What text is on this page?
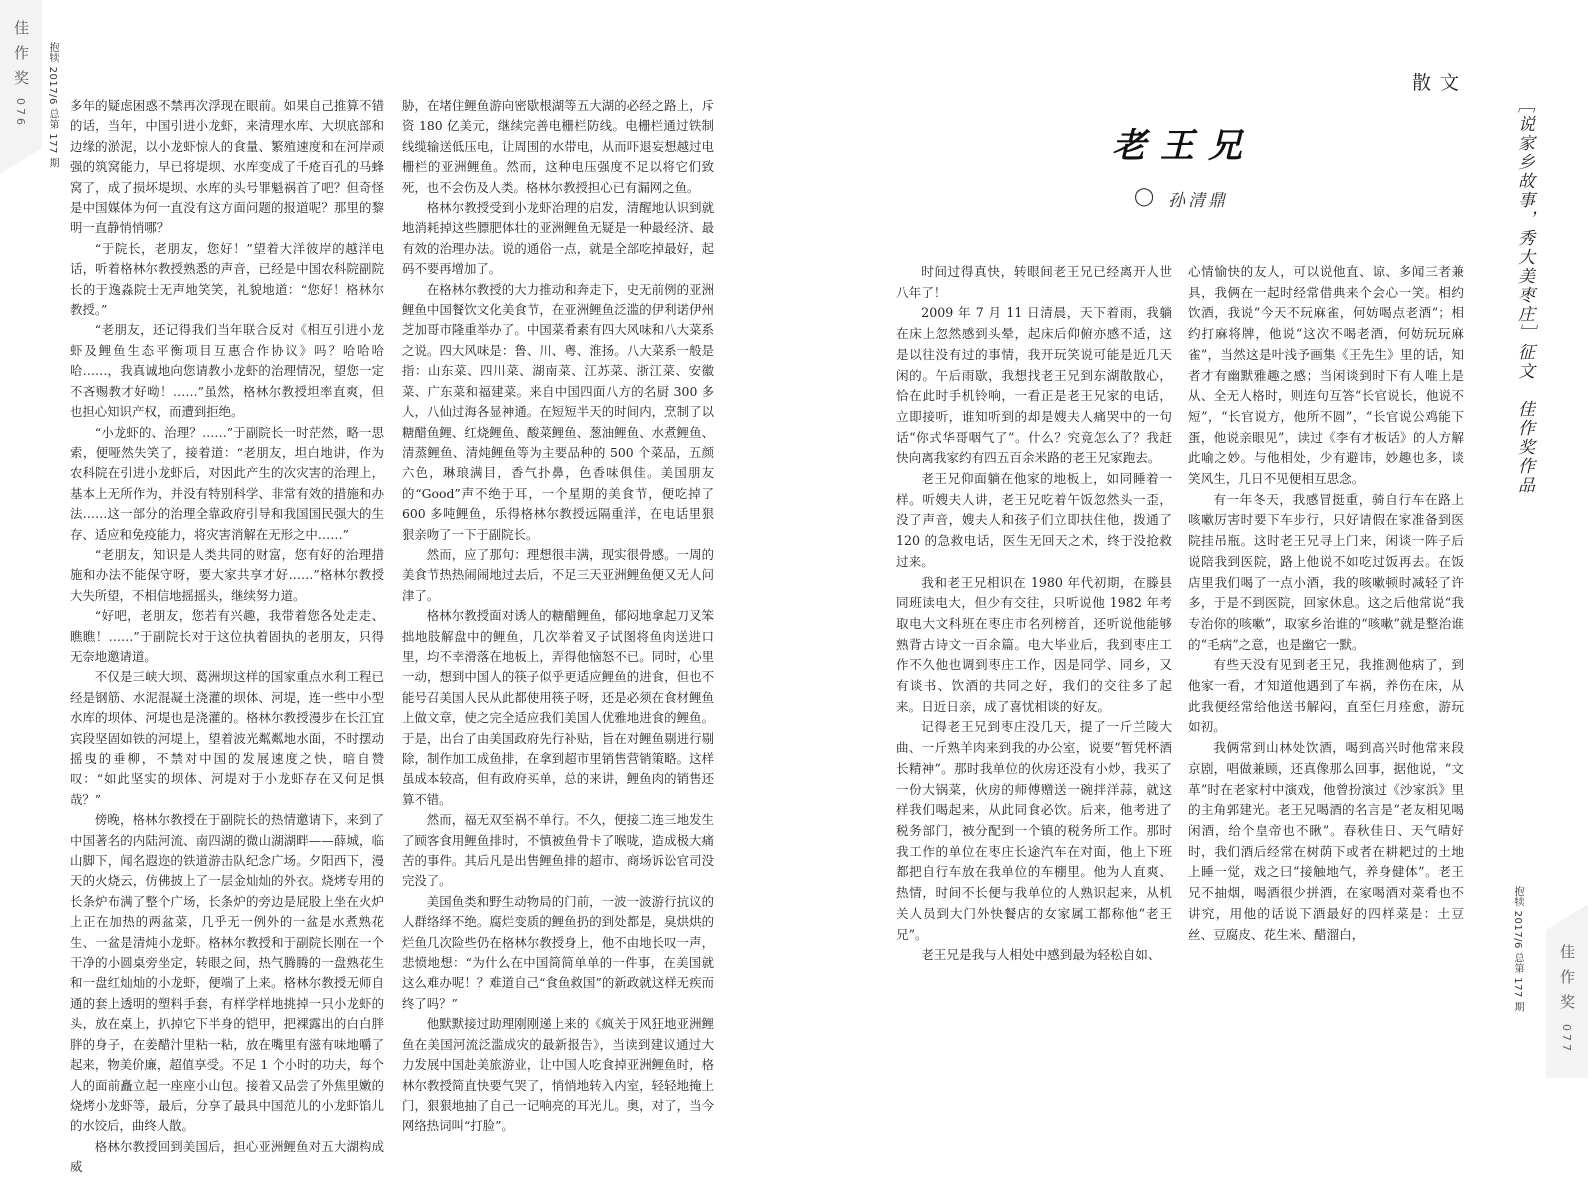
佳作奖
076 抱犊 2017/6 总第 177 期 多年的疑虑困惑不禁再次浮现在眼前。如果自己推算不错的话，当年，中国引进小龙虾，来清理水库、大坝底部和边缘的淤泥，以小龙虾惊人的食量、繁殖速度和在河岸顽强的筑窝能力，早已将堤坝、水库变成了千疮百孔的马蜂窝了，成了损坏堤坝、水库的头号罪魁祸首了吧？但奇怪是中国媒体为何一直没有这方面问题的报道呢？那里的黎明一直静悄悄哪？

“于院长，老朋友，您好！”望着大洋彼岸的越洋电话，听着格林尔教授熟悉的声音，已经是中国农科院副院长的于逸淼院士无声地笑笑，礼貌地道：“您好！格林尔教授。”

“老朋友，还记得我们当年联合反对《相互引进小龙虾及鲤鱼生态平衡项目互惠合作协议》吗？哈哈哈哈……，我真诚地向您请教小龙虾的治理情况，望您一定不吝赐教才好呦！……”虽然，格林尔教授坦率直爽，但也担心知识产权，而遭到拒绝。

“小龙虾的、治理？……”于副院长一时茫然，略一思索，便哑然失笑了，接着道：“老朋友，坦白地讲，作为农科院在引进小龙虾后，对因此产生的次灾害的治理上，基本上无所作为，并没有特别科学、非常有效的措施和办法……这一部分的治理全靠政府引导和我国国民强大的生存、适应和免疫能力，将灾害消解在无形之中……”

“老朋友，知识是人类共同的财富，您有好的治理措施和办法不能保守呀，要大家共享才好……”格林尔教授大失所望，不相信地摇摇头，继续努力道。

“好吧，老朋友，您若有兴趣，我带着您各处走走、瞧瞧！……”于副院长对于这位执着固执的老朋友，只得无奈地邀请道。

不仅是三峡大坝、葛洲坝这样的国家重点水利工程已经是钢筋、水泥混凝土浇灌的坝体、河堤，连一些中小型水库的坝体、河堤也是浇灌的。格林尔教授漫步在长江宜宾段坚固如铁的河堤上，望着波光粼粼地水面，不时摆动摇曳的垂柳，不禁对中国的发展速度之快，暗自赞叹：“如此坚实的坝体、河堤对于小龙虾存在又何足惧哉？”

傍晚，格林尔教授在于副院长的热情邀请下，来到了中国著名的内陆河流、南四湖的微山湖湖畔——薛城，临山脚下，闻名遐迩的铁道游击队纪念广场。夕阳西下，漫天的火烧云，仿佛披上了一层金灿灿的外衣。烧烤专用的长条炉布满了整个广场，长条炉的旁边是屁股上坐在火炉上正在加热的两盆菜，几乎无一例外的一盆是水煮熟花生、一盆是清炖小龙虾。格林尔教授和于副院长刚在一个干净的小圆桌旁坐定，转眼之间，热气腾腾的一盘熟花生和一盘红灿灿的小龙虾，便端了上来。格林尔教授无师自通的套上透明的塑料手套，有样学样地挑掉一只小龙虾的头，放在桌上，扒掉它下半身的铠甲，把裸露出的白白胖胖的身子，在姜醋汁里粘一粘，放在嘴里有滋有味地嚼了起来，物美价廉，超值享受。不足 1 个小时的功夫，每个人的面前矗立起一座座小山包。接着又品尝了外焦里嫩的烧烤小龙虾等，最后，分享了最具中国范儿的小龙虾馅儿的水饺后，曲终人散。

格林尔教授回到美国后，担心亚洲鲤鱼对五大湖构成威

胁，在堵住鲤鱼游向密歇根湖等五大湖的必经之路上，斥资 180 亿美元，继续完善电栅栏防线。电栅栏通过铁制线缆输送低压电，让周围的水带电，从而吓退妄想越过电栅栏的亚洲鲤鱼。然而，这种电压强度不足以将它们致死，也不会伤及人类。格林尔教授担心已有漏网之鱼。

格林尔教授受到小龙虾治理的启发，清醒地认识到就地消耗掉这些膘肥体壮的亚洲鲤鱼无疑是一种最经济、最有效的治理办法。说的通俗一点，就是全部吃掉最好，起码不要再增加了。

在格林尔教授的大力推动和奔走下，史无前例的亚洲鲤鱼中国餐饮文化美食节，在亚洲鲤鱼泛滥的伊利诺伊州芝加哥市隆重举办了。中国菜肴素有四大风味和八大菜系之说。四大风味是：鲁、川、粤、淮扬。八大菜系一般是指：山东菜、四川菜、湖南菜、江苏菜、浙江菜、安徽菜、广东菜和福建菜。来自中国四面八方的名厨 300 多人，八仙过海各显神通。在短短半天的时间内，烹制了以糖醋鱼鲤、红烧鲤鱼、酸菜鲤鱼、葱油鲤鱼、水煮鲤鱼、清蒸鲤鱼、清炖鲤鱼等为主要品种的 500 个菜品，五颜六色，琳琅满目，香气扑鼻，色香味俱佳。美国朋友的“Good”声不绝于耳，一个星期的美食节，便吃掉了 600 多吨鲤鱼，乐得格林尔教授远隔重洋，在电话里狠狠亲吻了一下于副院长。

然而，应了那句：理想很丰满，现实很骨感。一周的美食节热热闹闹地过去后，不足三天亚洲鲤鱼便又无人问津了。

格林尔教授面对诱人的糖醋鲤鱼，郁闷地拿起刀叉笨拙地肢解盘中的鲤鱼，几次举着叉子试图将鱼肉送进口里，均不幸滑落在地板上，弄得他恼怒不已。同时，心里一动，想到中国人的筷子似乎更适应鲤鱼的进食，但也不能号召美国人民从此都使用筷子呀，还是必须在食材鲤鱼上做文章，使之完全适应我们美国人优雅地进食的鲤鱼。于是，出台了由美国政府先行补贴，旨在对鲤鱼剔进行剔除，制作加工成鱼排，在拿到超市里销售营销策略。这样虽成本较高，但有政府买单，总的来讲，鲤鱼肉的销售还算不错。

然而，福无双至祸不单行。不久，便接二连三地发生了顾客食用鲤鱼排时，不慎被鱼骨卡了喉咙，造成极大痛苦的事件。其后凡是出售鲤鱼排的超市、商场诉讼官司没完没了。

美国鱼类和野生动物局的门前，一波一波游行抗议的人群络绎不绝。腐烂变质的鲤鱼扔的到处都是，臭烘烘的烂鱼几次险些仍在格林尔教授身上，他不由地长叹一声，悲愤地想：“为什么在中国简简单单的一件事，在美国就这么难办呢！？难道自己“食鱼救国”的新政就这样无疾而终了吗？”

他默默接过助理刚刚递上来的《疯关于风狂地亚洲鲤鱼在美国河流泛滥成灾的最新报告》，当读到建议通过大力发展中国赴美旅游业，让中国人吃食掉亚洲鲤鱼时，格林尔教授简直快要气哭了，悄悄地转入内室，轻轻地掩上门，狠狠地抽了自己一记响亮的耳光儿。奥，对了，当今网络热词叫“打脸”。

散文
老王兄
◯ 孙清鼎	［说家乡故事，秀大美枣庄］征文　佳作奖作品

时间过得真快，转眼间老王兄已经离开人世八年了！

2009 年 7 月 11 日清晨，天下着雨，我躺在床上忽然感到头晕，起床后仰俯亦感不适，这是以往没有过的事情，我开玩笑说可能是近几天闲的。午后雨歇，我想找老王兄到东湖散散心，恰在此时手机铃响，一看正是老王兄家的电话，立即接听，谁知听到的却是嫂夫人痛哭中的一句话“你式华哥咽气了”。什么？究竟怎么了？我赶快向离我家约有四五百余米路的老王兄家跑去。

老王兄仰面躺在他家的地板上，如同睡着一样。听嫂夫人讲，老王兄吃着午饭忽然头一歪，没了声音，嫂夫人和孩子们立即扶住他，拨通了 120 的急救电话，医生无回天之术，终于没抢救过来。

我和老王兄相识在 1980 年代初期，在滕县同班读电大，但少有交往，只听说他 1982 年考取电大文科班在枣庄市名列榜首，还听说他能够熟背古诗文一百余篇。电大毕业后，我到枣庄工作不久他也调到枣庄工作，因是同学、同乡，又有谈书、饮酒的共同之好，我们的交往多了起来。日近日亲，成了喜忧相谈的好友。

记得老王兄到枣庄没几天，提了一斤兰陵大曲、一斤熟羊肉来到我的办公室，说要“暂凭杯酒长精神”。那时我单位的伙房还没有小炒，我买了一份大锅菜，伙房的师傅赠送一碗拌洋蒜，就这样我们喝起来，从此同食必饮。后来，他考进了税务部门，被分配到一个镇的税务所工作。那时我工作的单位在枣庄长途汽车在对面，他上下班都把自行车放在我单位的车棚里。他为人直爽、热情，时间不长便与我单位的人熟识起来，从机关人员到大门外快餐店的女家属工都称他“老王兄”。

老王兄是我与人相处中感到最为轻松自如、

心情愉快的友人，可以说他直、谅、多闻三者兼具，我俩在一起时经常借典来个会心一笑。相约饮酒，我说“今天不玩麻雀，何妨喝点老酒”；相约打麻将牌，他说“这次不喝老酒，何妨玩玩麻雀”，当然这是叶浅予画集《王先生》里的话，知者才有幽默雅趣之感；当闲谈到时下有人唯上是从、全无人格时，则连句互答“长官说长，他说不短”，“长官说方，他所不圆”，“长官说公鸡能下蛋，他说亲眼见”，读过《李有才板话》的人方解此喻之妙。与他相处，少有避讳，妙趣也多，谈笑风生，几日不见便相互思念。

有一年冬天，我感冒挺重，骑自行车在路上咳嗽厉害时要下车步行，只好请假在家准备到医院挂吊瓶。这时老王兄寻上门来，闲谈一阵子后说陪我到医院，路上他说不如吃过饭再去。在饭店里我们喝了一点小酒，我的咳嗽顿时减轻了许多，于是不到医院，回家休息。这之后他常说“我专治你的咳嗽”，取家乡治谁的“咳嗽”就是整治谁的“毛病”之意，也是幽它一默。

有些天没有见到老王兄，我推测他病了，到他家一看，才知道他遇到了车祸，养伤在床，从此我便经常给他送书解闷，直至仨月痊愈，游玩如初。

我俩常到山林处饮酒，喝到高兴时他常来段京剧，唱做兼顾，还真像那么回事，据他说，“文革”时在老家村中演戏，他曾扮演过《沙家浜》里的主角郭建光。老王兄喝酒的名言是“老友相见喝闲酒，给个皇帝也不瞅”。春秋佳日、天气晴好时，我们酒后经常在树荫下或者在耕耙过的土地上睡一觉，戏之曰“接触地气，养身健体”。老王兄不抽烟，喝酒很少拼酒，在家喝酒对菜肴也不讲究，用他的话说下酒最好的四样菜是：土豆丝、豆腐皮、花生米、醋溜白，	抱犊 2017/6 总第 177 期 佳作奖
077
